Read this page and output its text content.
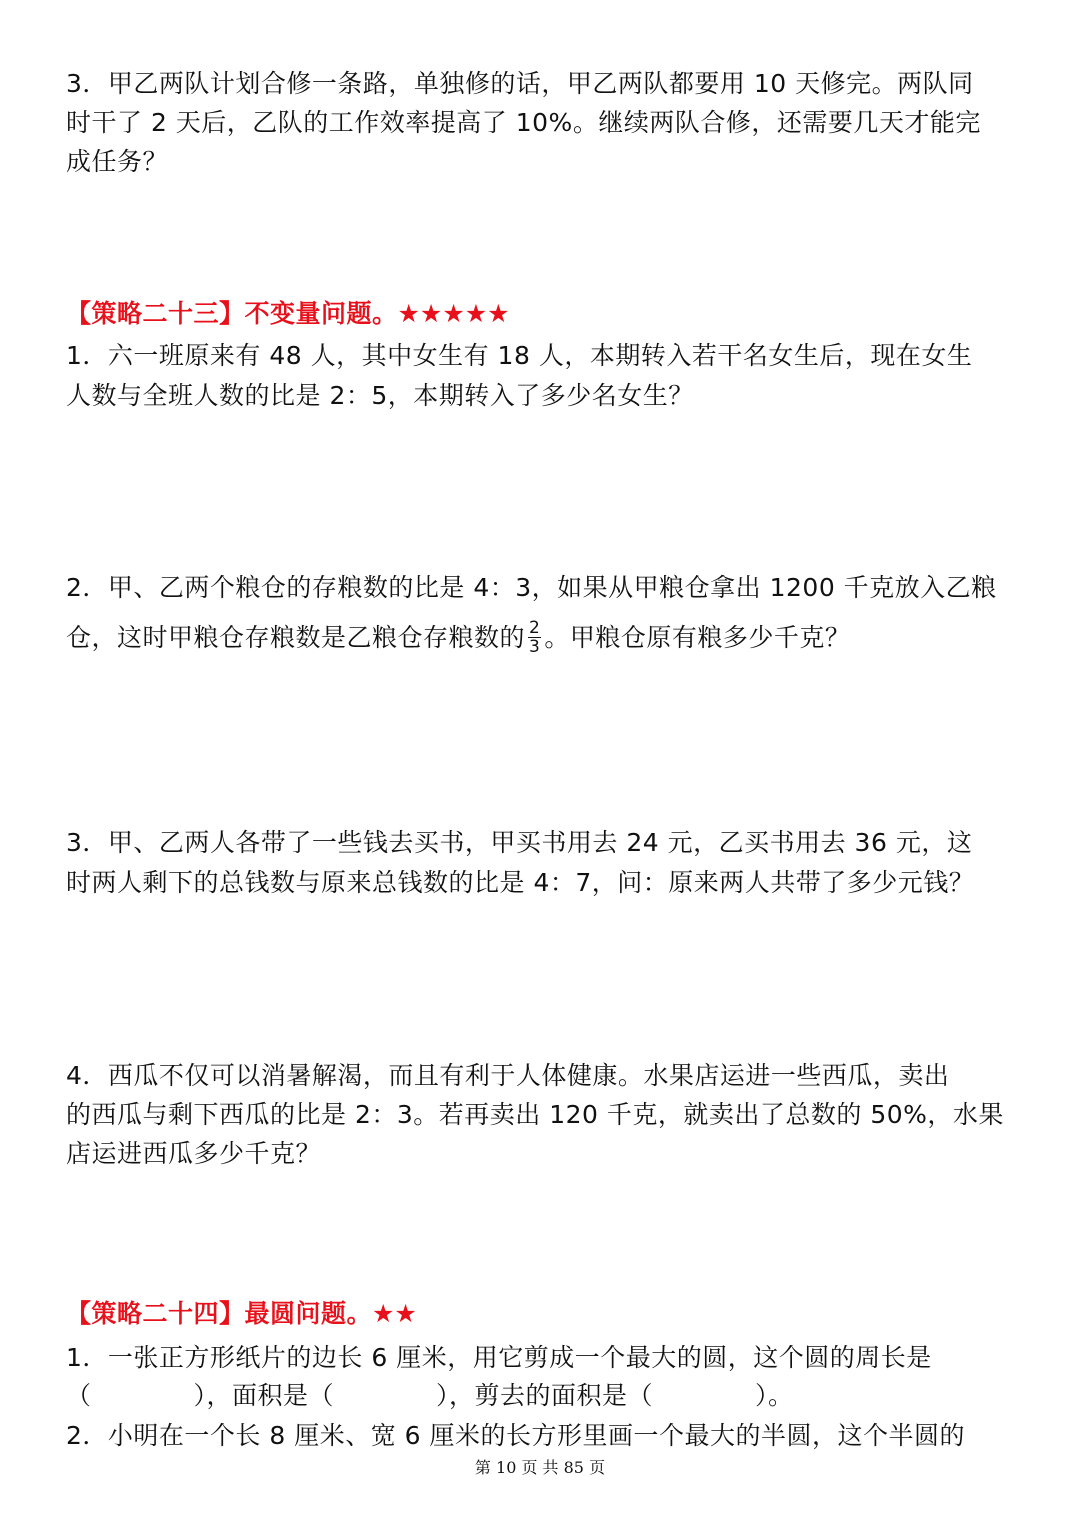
3．甲乙两队计划合修一条路，单独修的话，甲乙两队都要用 10 天修完。两队同
时干了 2 天后，乙队的工作效率提高了 10%。继续两队合修，还需要几天才能完
成任务？
【策略二十三】不变量问题。★★★★★
1．六一班原来有 48 人，其中女生有 18 人，本期转入若干名女生后，现在女生
人数与全班人数的比是 2：5，本期转入了多少名女生？
2．甲、乙两个粮仓的存粮数的比是 4：3，如果从甲粮仓拿出 1200 千克放入乙粮
仓，这时甲粮仓存粮数是乙粮仓存粮数的 $\frac{2}{3}$ 。甲粮仓原有粮多少千克？
3．甲、乙两人各带了一些钱去买书，甲买书用去 24 元，乙买书用去 36 元，这
时两人剩下的总钱数与原来总钱数的比是 4：7，问：原来两人共带了多少元钱？
4．西瓜不仅可以消暑解渴，而且有利于人体健康。水果店运进一些西瓜，卖出
的西瓜与剩下西瓜的比是 2：3。若再卖出 120 千克，就卖出了总数的 50%，水果
店运进西瓜多少千克？
【策略二十四】最圆问题。★★
1．一张正方形纸片的边长 6 厘米，用它剪成一个最大的圆，这个圆的周长是
（　　　　），面积是（　　　　），剪去的面积是（　　　　）。
2．小明在一个长 8 厘米、宽 6 厘米的长方形里画一个最大的半圆，这个半圆的
第 10 页 共 85 页
